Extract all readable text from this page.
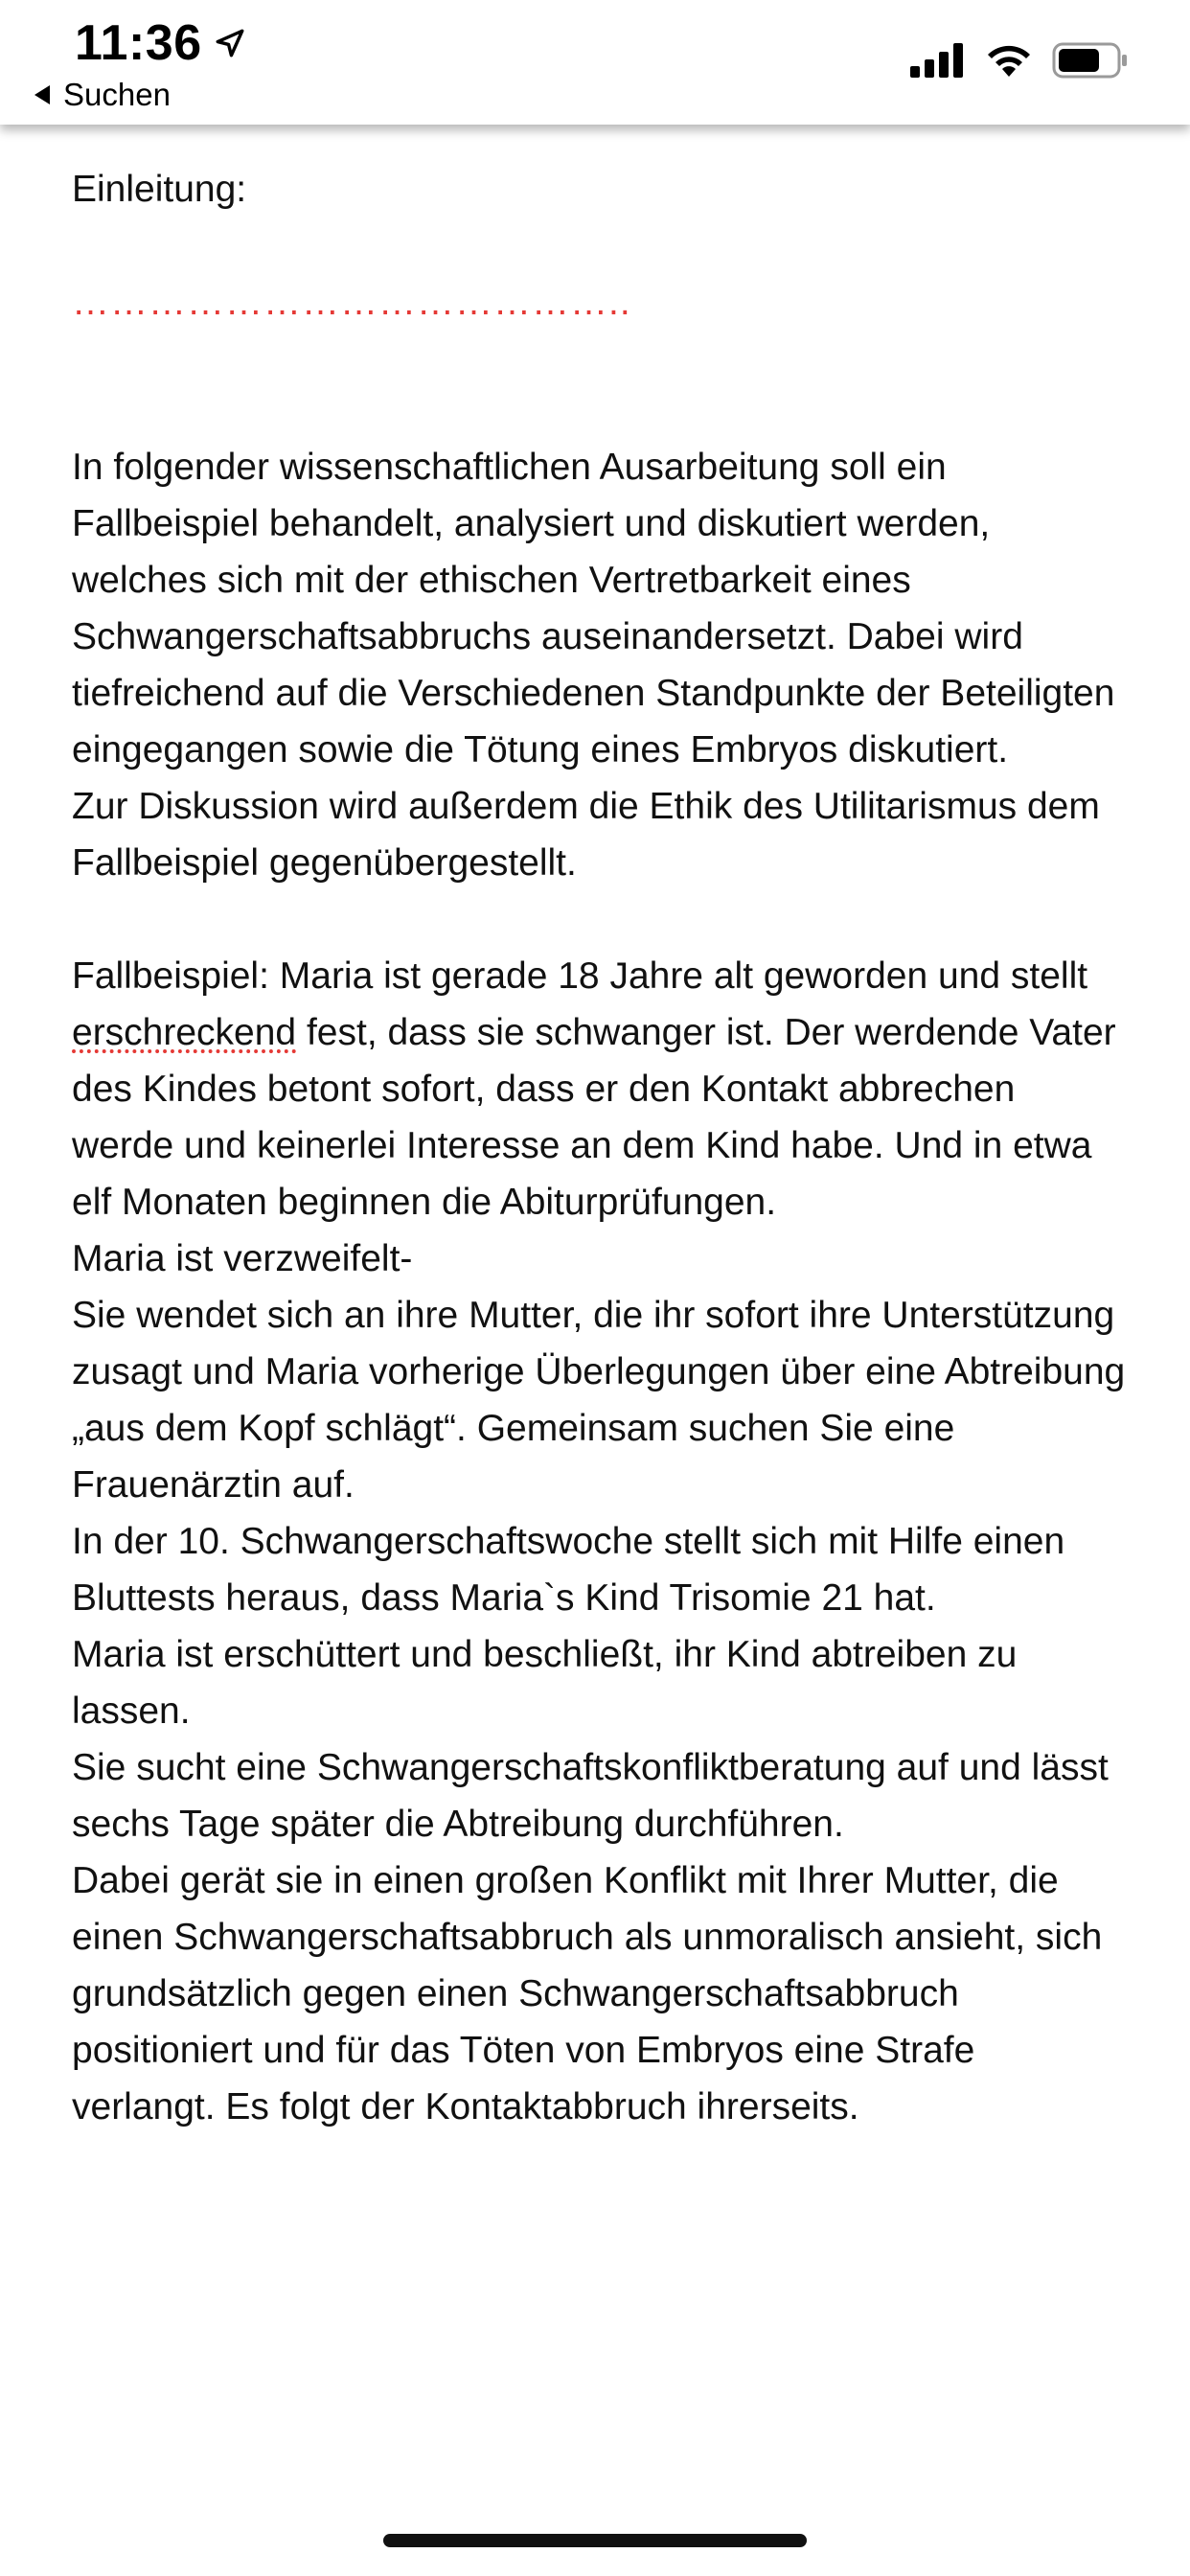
11:36
Suchen

Einleitung:

……………………………………..

In folgender wissenschaftlichen Ausarbeitung soll ein Fallbeispiel behandelt, analysiert und diskutiert werden, welches sich mit der ethischen Vertretbarkeit eines Schwangerschaftsabbruchs auseinandersetzt. Dabei wird tiefreichend auf die Verschiedenen Standpunkte der Beteiligten eingegangen sowie die Tötung eines Embryos diskutiert.
Zur Diskussion wird außerdem die Ethik des Utilitarismus dem Fallbeispiel gegenübergestellt.

Fallbeispiel: Maria ist gerade 18 Jahre alt geworden und stellt erschreckend fest, dass sie schwanger ist. Der werdende Vater des Kindes betont sofort, dass er den Kontakt abbrechen werde und keinerlei Interesse an dem Kind habe. Und in etwa elf Monaten beginnen die Abiturprüfungen.
Maria ist verzweifelt-
Sie wendet sich an ihre Mutter, die ihr sofort ihre Unterstützung zusagt und Maria vorherige Überlegungen über eine Abtreibung „aus dem Kopf schlägt“. Gemeinsam suchen Sie eine Frauenärztin auf.
In der 10. Schwangerschaftswoche stellt sich mit Hilfe einen Bluttests heraus, dass Maria`s Kind Trisomie 21 hat.
Maria ist erschüttert und beschließt, ihr Kind abtreiben zu lassen.
Sie sucht eine Schwangerschaftskonfliktberatung auf und lässt sechs Tage später die Abtreibung durchführen.
Dabei gerät sie in einen großen Konflikt mit Ihrer Mutter, die einen Schwangerschaftsabbruch als unmoralisch ansieht, sich grundsätzlich gegen einen Schwangerschaftsabbruch positioniert und für das Töten von Embryos eine Strafe verlangt. Es folgt der Kontaktabbruch ihrerseits.
